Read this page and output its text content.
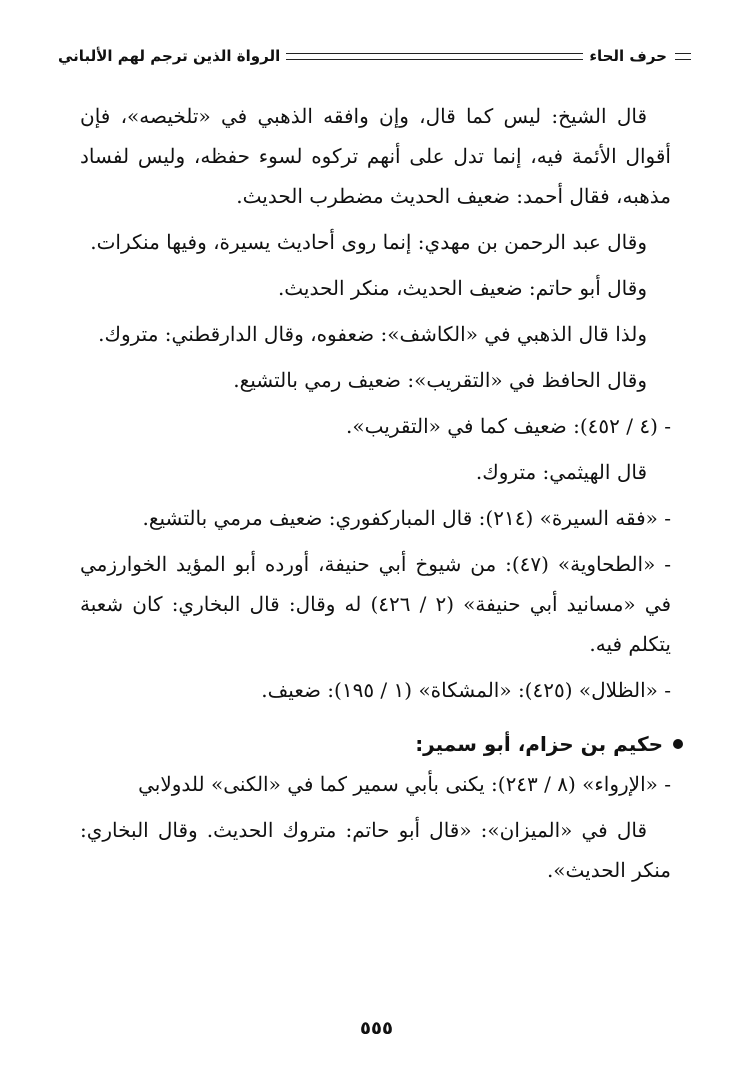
حرف الحاء
الرواة الذين ترجم لهم الألباني

قال الشيخ: ليس كما قال، وإن وافقه الذهبي في «تلخيصه»، فإن أقوال الأئمة فيه، إنما تدل على أنهم تركوه لسوء حفظه، وليس لفساد مذهبه، فقال أحمد: ضعيف الحديث مضطرب الحديث.

وقال عبد الرحمن بن مهدي: إنما روى أحاديث يسيرة، وفيها منكرات.

وقال أبو حاتم: ضعيف الحديث، منكر الحديث.

ولذا قال الذهبي في «الكاشف»: ضعفوه، وقال الدارقطني: متروك.

وقال الحافظ في «التقريب»: ضعيف رمي بالتشيع.

- (٤ / ٤٥٢): ضعيف كما في «التقريب».

قال الهيثمي: متروك.

- «فقه السيرة» (٢١٤): قال المباركفوري: ضعيف مرمي بالتشيع.

- «الطحاوية» (٤٧): من شيوخ أبي حنيفة، أورده أبو المؤيد الخوارزمي في «مسانيد أبي حنيفة» (٢ / ٤٢٦) له وقال: قال البخاري: كان شعبة يتكلم فيه.

- «الظلال» (٤٢٥): «المشكاة» (١ / ١٩٥): ضعيف.

حكيم بن حزام، أبو سمير:

- «الإرواء» (٨ / ٢٤٣): يكنى بأبي سمير كما في «الكنى» للدولابي

قال في «الميزان»: «قال أبو حاتم: متروك الحديث. وقال البخاري: منكر الحديث».

٥٥٥
